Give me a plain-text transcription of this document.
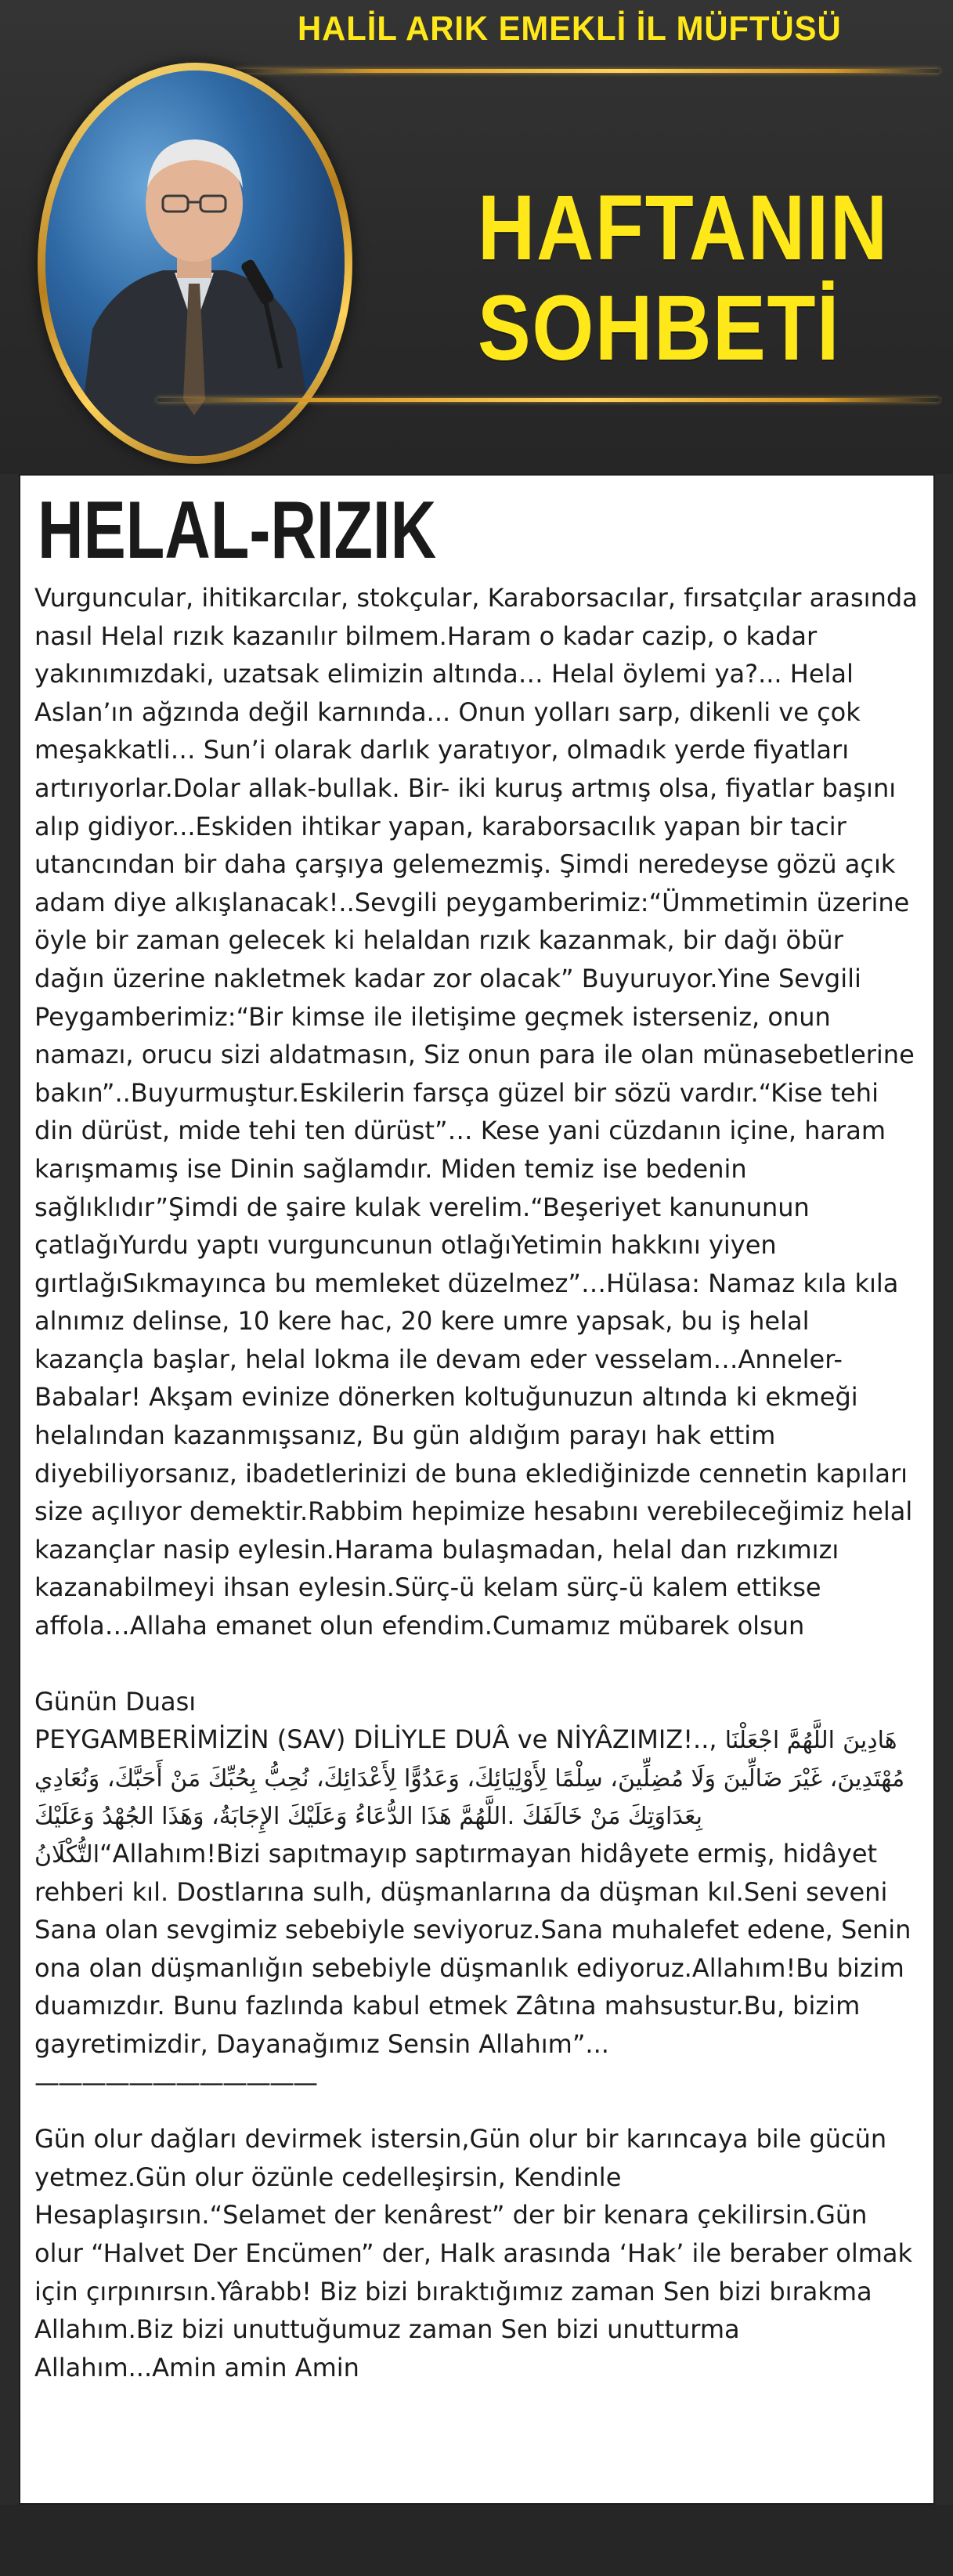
HALİL ARIK EMEKLİ İL MÜFTÜSÜ
HAFTANIN
SOHBETİ
HELAL-RIZIK

Vurguncular, ihitikarcılar, stokçular, Karaborsacılar, fırsatçılar arasında nasıl Helal rızık kazanılır bilmem.Haram o kadar cazip, o kadar yakınımızdaki, uzatsak elimizin altında… Helal öylemi ya?... Helal Aslan’ın ağzında değil karnında... Onun yolları sarp, dikenli ve çok meşakkatli… Sun’i olarak darlık yaratıyor, olmadık yerde fiyatları artırıyorlar.Dolar allak-bullak. Bir- iki kuruş artmış olsa, fiyatlar başını alıp gidiyor...Eskiden ihtikar yapan, karaborsacılık yapan bir tacir utancından bir daha çarşıya gelemezmiş. Şimdi neredeyse gözü açık adam diye alkışlanacak!..Sevgili peygamberimiz:“Ümmetimin üzerine öyle bir zaman gelecek ki helaldan rızık kazanmak, bir dağı öbür dağın üzerine nakletmek kadar zor olacak” Buyuruyor.Yine Sevgili Peygamberimiz:“Bir kimse ile iletişime geçmek isterseniz, onun namazı, orucu sizi aldatmasın, Siz onun para ile olan münasebetlerine bakın”..Buyurmuştur.Eskilerin farsça güzel bir sözü vardır.“Kise tehi din dürüst, mide tehi ten dürüst”… Kese yani cüzdanın içine, haram karışmamış ise Dinin sağlamdır. Miden temiz ise bedenin sağlıklıdır”Şimdi de şaire kulak verelim.“Beşeriyet kanununun çatlağıYurdu yaptı vurguncunun otlağıYetimin hakkını yiyen gırtlağıSıkmayınca bu memleket düzelmez”…Hülasa: Namaz kıla kıla alnımız delinse, 10 kere hac, 20 kere umre yapsak, bu iş helal kazançla başlar, helal lokma ile devam eder vesselam…Anneler-Babalar! Akşam evinize dönerken koltuğunuzun altında ki ekmeği helalından kazanmışsanız, Bu gün aldığım parayı hak ettim diyebiliyorsanız, ibadetlerinizi de buna eklediğinizde cennetin kapıları size açılıyor demektir.Rabbim hepimize hesabını verebileceğimiz helal kazançlar nasip eylesin.Harama bulaşmadan, helal dan rızkımızı kazanabilmeyi ihsan eylesin.Sürç-ü kelam sürç-ü kalem ettikse affola…Allaha emanet olun efendim.Cumamız mübarek olsun

Günün Duası

PEYGAMBERİMİZİN (SAV) DİLİYLE DUÂ ve NİYÂZIMIZ!.., اللَّهُمَّ اجْعَلْنَا هَادِينَ مُهْتَدِينَ، غَيْرَ ضَالِّينَ وَلَا مُضِلِّينَ، سِلْمًا لِأَوْلِيَائِكَ، وَعَدُوًّا لِأَعْدَائِكَ، نُحِبُّ بِحُبِّكَ مَنْ أَحَبَّكَ، وَنُعَادِي بِعَدَاوَتِكَ مَنْ خَالَفَكَ .اللَّهُمَّ هَذَا الدُّعَاءُ وَعَلَيْكَ الإِجَابَةُ، وَهَذَا الجُهْدُ وَعَلَيْكَ التُّكْلَانُ“Allahım!Bizi sapıtmayıp saptırmayan hidâyete ermiş, hidâyet rehberi kıl. Dostlarına sulh, düşmanlarına da düşman kıl.Seni seveni Sana olan sevgimiz sebebiyle seviyoruz.Sana muhalefet edene, Senin ona olan düşmanlığın sebebiyle düşmanlık ediyoruz.Allahım!Bu bizim duamızdır. Bunu fazlında kabul etmek Zâtına mahsustur.Bu, bizim gayretimizdir, Dayanağımız Sensin Allahım”...

————————————

Gün olur dağları devirmek istersin,Gün olur bir karıncaya bile gücün yetmez.Gün olur özünle cedelleşirsin, Kendinle Hesaplaşırsın.“Selamet der kenârest” der bir kenara çekilirsin.Gün olur “Halvet Der Encümen” der, Halk arasında ‘Hak’ ile beraber olmak için çırpınırsın.Yârabb! Biz bizi bıraktığımız zaman Sen bizi bırakma Allahım.Biz bizi unuttuğumuz zaman Sen bizi unutturma Allahım...Amin amin Amin
